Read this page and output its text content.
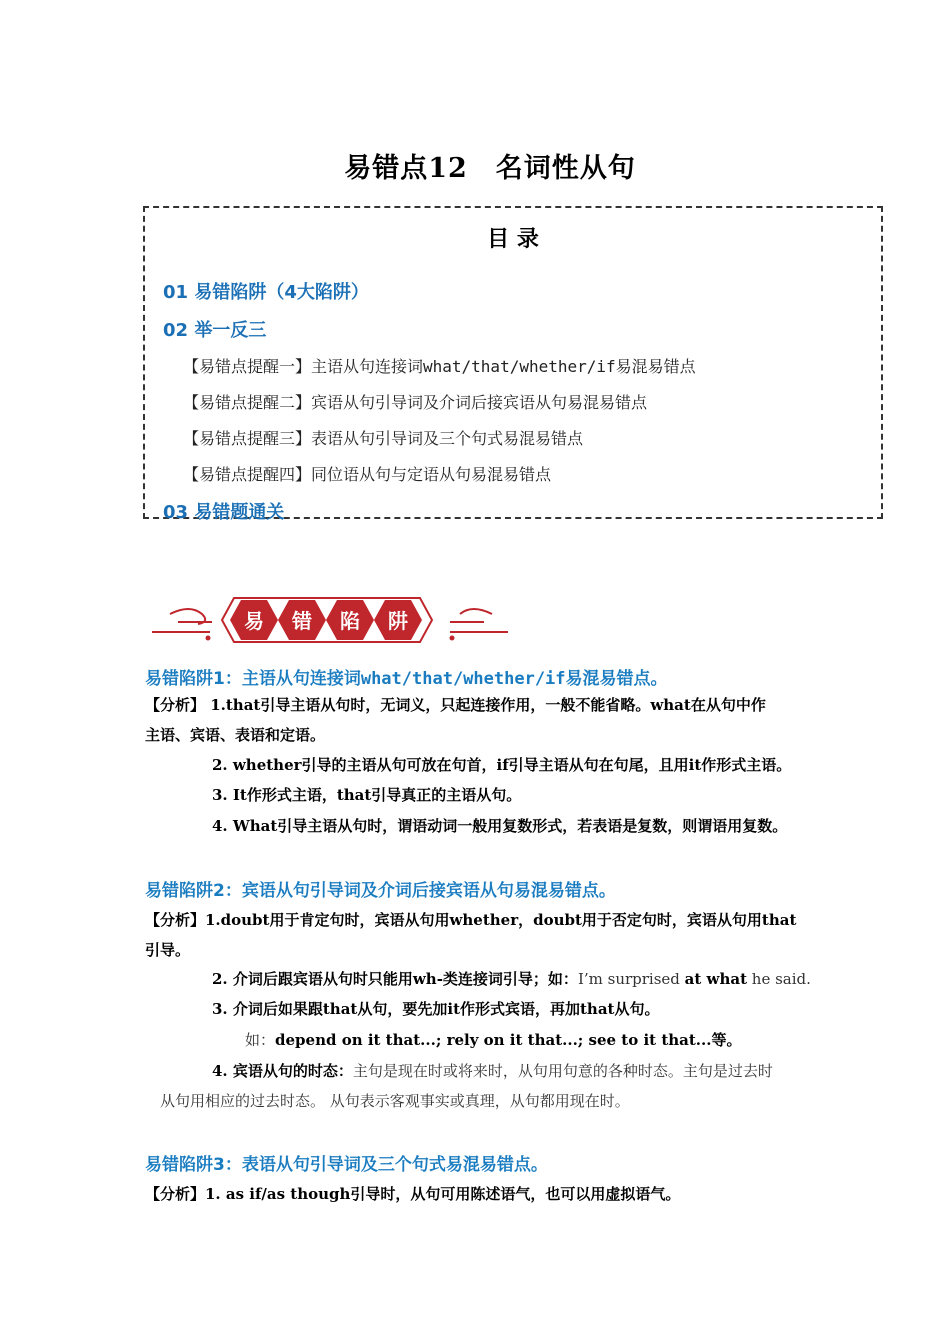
易错点12　名词性从句
目 录
01 易错陷阱（4大陷阱）
02 举一反三
【易错点提醒一】主语从句连接词what/that/whether/if易混易错点
【易错点提醒二】宾语从句引导词及介词后接宾语从句易混易错点
【易错点提醒三】表语从句引导词及三个句式易混易错点
【易错点提醒四】同位语从句与定语从句易混易错点
03 易错题通关
易 错 陷 阱
易错陷阱1：主语从句连接词what/that/whether/if易混易错点。
【分析】 1.that引导主语从句时，无词义，只起连接作用，一般不能省略。what在从句中作
主语、宾语、表语和定语。
2. whether引导的主语从句可放在句首，if引导主语从句在句尾，且用it作形式主语。
3. It作形式主语，that引导真正的主语从句。
4. What引导主语从句时，谓语动词一般用复数形式，若表语是复数，则谓语用复数。
易错陷阱2：宾语从句引导词及介词后接宾语从句易混易错点。
【分析】1.doubt用于肯定句时，宾语从句用whether，doubt用于否定句时，宾语从句用that
引导。
2. 介词后跟宾语从句时只能用wh-类连接词引导；如：I’m surprised at what he said.
3. 介词后如果跟that从句，要先加it作形式宾语，再加that从句。
如：depend on it that...; rely on it that...; see to it that...等。
4. 宾语从句的时态：主句是现在时或将来时，从句用句意的各种时态。主句是过去时
从句用相应的过去时态。 从句表示客观事实或真理，从句都用现在时。
易错陷阱3：表语从句引导词及三个句式易混易错点。
【分析】1. as if/as though引导时，从句可用陈述语气，也可以用虚拟语气。
